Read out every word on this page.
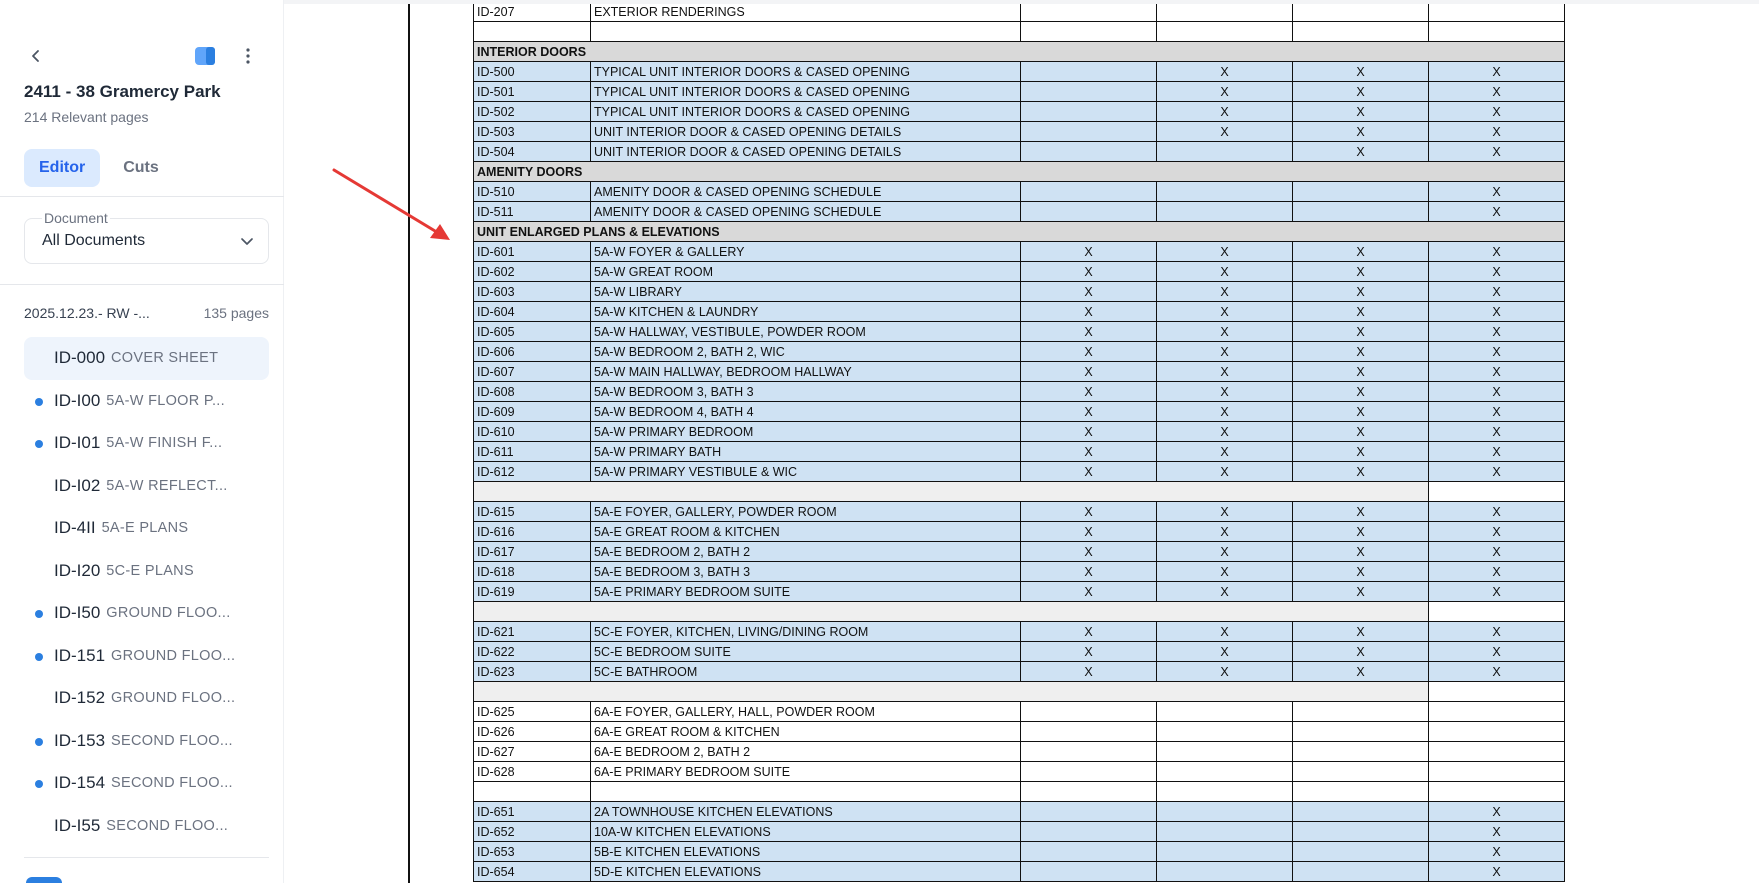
2411 - 38 Gramercy Park
214 Relevant pages
Editor	Cuts
Document
All Documents
2025.12.23.- RW -...	135 pages
ID-000 COVER SHEET
ID-I00 5A-W FLOOR P...
ID-I01 5A-W FINISH F...
ID-I02 5A-W REFLECT...
ID-4II 5A-E PLANS
ID-I20 5C-E PLANS
ID-I50 GROUND FLOO...
ID-151 GROUND FLOO...
ID-152 GROUND FLOO...
ID-153 SECOND FLOO...
ID-154 SECOND FLOO...
ID-I55 SECOND FLOO...
ID-207	EXTERIOR RENDERINGS				

INTERIOR DOORS					
ID-500	TYPICAL UNIT INTERIOR DOORS & CASED OPENING		X	X	X
ID-501	TYPICAL UNIT INTERIOR DOORS & CASED OPENING		X	X	X
ID-502	TYPICAL UNIT INTERIOR DOORS & CASED OPENING		X	X	X
ID-503	UNIT INTERIOR DOOR & CASED OPENING DETAILS		X	X	X
ID-504	UNIT INTERIOR DOOR & CASED OPENING DETAILS			X	X
AMENITY DOORS					
ID-510	AMENITY DOOR & CASED OPENING SCHEDULE				X
ID-511	AMENITY DOOR & CASED OPENING SCHEDULE				X
UNIT ENLARGED PLANS & ELEVATIONS					
ID-601	5A-W FOYER & GALLERY	X	X	X	X
ID-602	5A-W GREAT ROOM	X	X	X	X
ID-603	5A-W LIBRARY	X	X	X	X
ID-604	5A-W KITCHEN & LAUNDRY	X	X	X	X
ID-605	5A-W HALLWAY, VESTIBULE, POWDER ROOM	X	X	X	X
ID-606	5A-W BEDROOM 2, BATH 2, WIC	X	X	X	X
ID-607	5A-W MAIN HALLWAY, BEDROOM HALLWAY	X	X	X	X
ID-608	5A-W BEDROOM 3, BATH 3	X	X	X	X
ID-609	5A-W BEDROOM 4, BATH 4	X	X	X	X
ID-610	5A-W PRIMARY BEDROOM	X	X	X	X
ID-611	5A-W PRIMARY BATH	X	X	X	X
ID-612	5A-W PRIMARY VESTIBULE & WIC	X	X	X	X

ID-615	5A-E FOYER, GALLERY, POWDER ROOM	X	X	X	X
ID-616	5A-E GREAT ROOM & KITCHEN	X	X	X	X
ID-617	5A-E BEDROOM 2, BATH 2	X	X	X	X
ID-618	5A-E BEDROOM 3, BATH 3	X	X	X	X
ID-619	5A-E PRIMARY BEDROOM SUITE	X	X	X	X

ID-621	5C-E FOYER, KITCHEN, LIVING/DINING ROOM	X	X	X	X
ID-622	5C-E BEDROOM SUITE	X	X	X	X
ID-623	5C-E BATHROOM	X	X	X	X

ID-625	6A-E FOYER, GALLERY, HALL, POWDER ROOM				
ID-626	6A-E GREAT ROOM & KITCHEN				
ID-627	6A-E BEDROOM 2, BATH 2				
ID-628	6A-E PRIMARY BEDROOM SUITE				

ID-651	2A TOWNHOUSE KITCHEN ELEVATIONS				X
ID-652	10A-W KITCHEN ELEVATIONS				X
ID-653	5B-E KITCHEN ELEVATIONS				X
ID-654	5D-E KITCHEN ELEVATIONS				X
